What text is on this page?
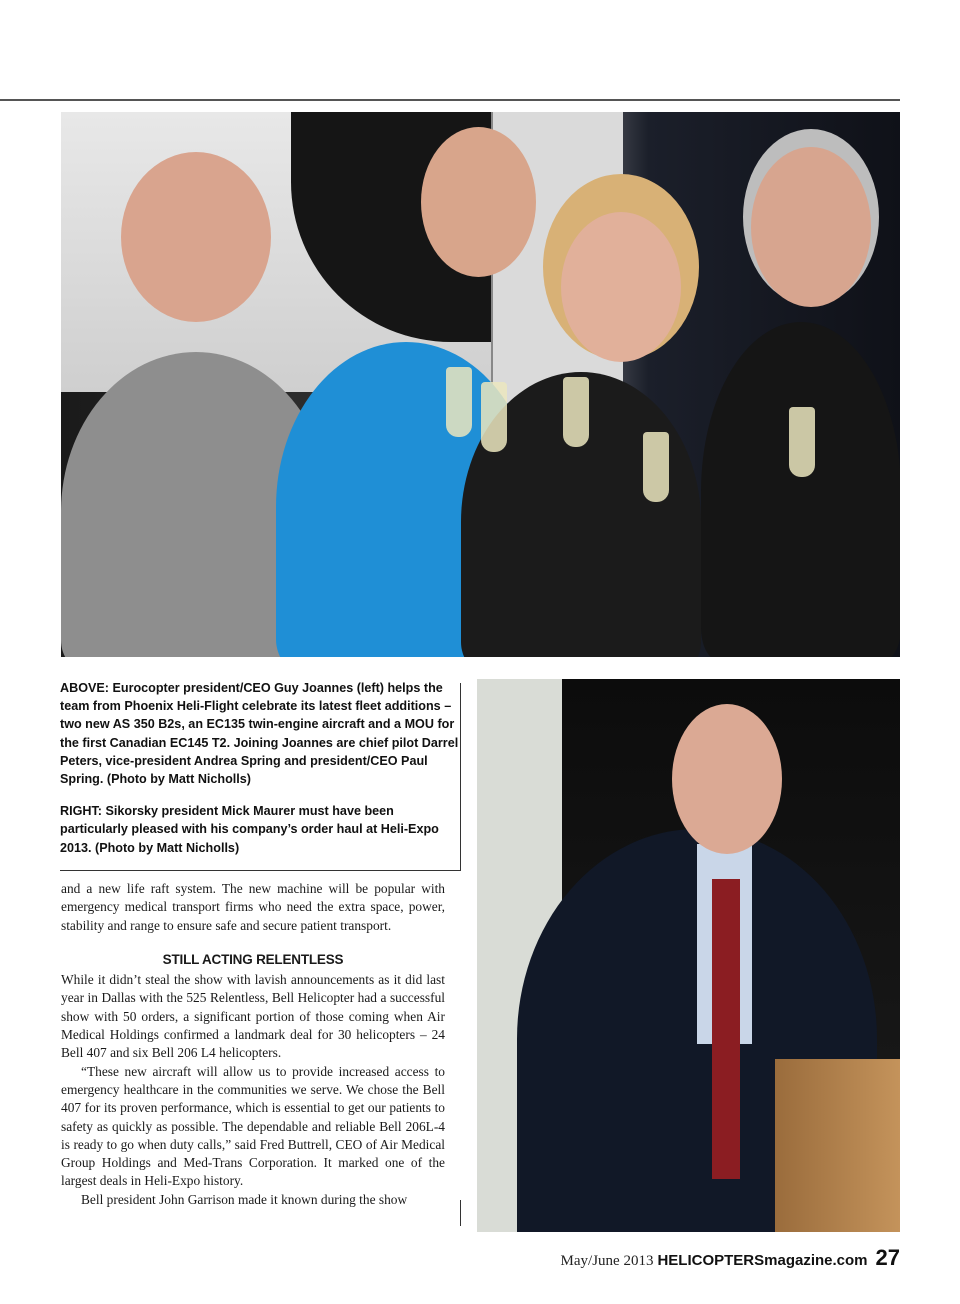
ABOVE: Eurocopter president/CEO Guy Joannes (left) helps the team from Phoenix Heli-Flight celebrate its latest fleet additions – two new AS 350 B2s, an EC135 twin-engine aircraft and a MOU for the first Canadian EC145 T2. Joining Joannes are chief pilot Darrel Peters, vice-president Andrea Spring and president/CEO Paul Spring. (Photo by Matt Nicholls)

RIGHT: Sikorsky president Mick Maurer must have been particularly pleased with his company’s order haul at Heli-Expo 2013. (Photo by Matt Nicholls)

and a new life raft system. The new machine will be popular with emergency medical transport firms who need the extra space, power, stability and range to ensure safe and secure patient transport.

STILL ACTING RELENTLESS

While it didn’t steal the show with lavish announcements as it did last year in Dallas with the 525 Relentless, Bell Helicopter had a successful show with 50 orders, a significant portion of those coming when Air Medical Holdings confirmed a landmark deal for 30 helicopters – 24 Bell 407 and six Bell 206 L4 helicopters.

“These new aircraft will allow us to provide increased access to emergency healthcare in the communities we serve. We chose the Bell 407 for its proven performance, which is essential to get our patients to safety as quickly as possible. The dependable and reliable Bell 206L-4 is ready to go when duty calls,” said Fred Buttrell, CEO of Air Medical Group Holdings and Med-Trans Corporation. It marked one of the largest deals in Heli-Expo history.

Bell president John Garrison made it known during the show

May/June 2013 HELICOPTERSmagazine.com 27
